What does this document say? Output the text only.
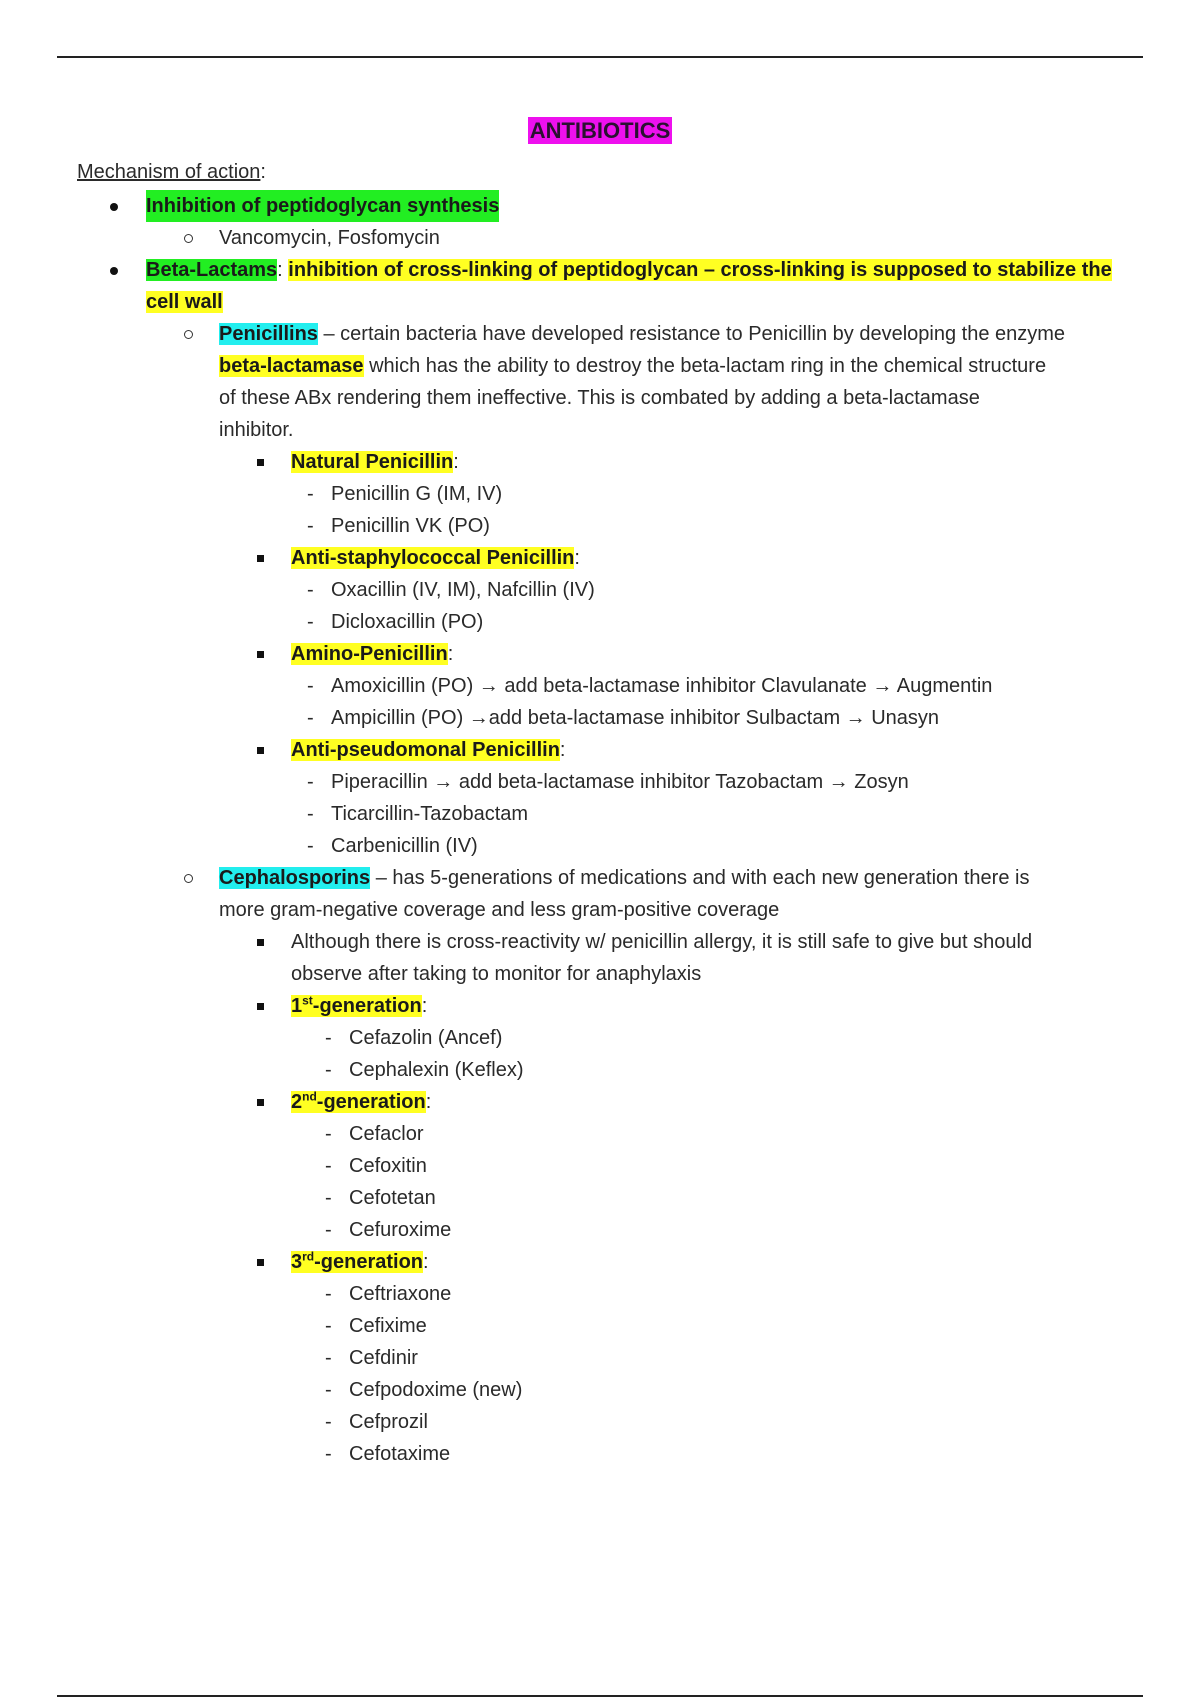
ANTIBIOTICS
Mechanism of action:
Inhibition of peptidoglycan synthesis
Vancomycin, Fosfomycin
Beta-Lactams: inhibition of cross-linking of peptidoglycan – cross-linking is supposed to stabilize the
cell wall
Penicillins – certain bacteria have developed resistance to Penicillin by developing the enzyme
beta-lactamase which has the ability to destroy the beta-lactam ring in the chemical structure
of these ABx rendering them ineffective. This is combated by adding a beta-lactamase
inhibitor.
Natural Penicillin:
- Penicillin G (IM, IV)
- Penicillin VK (PO)
Anti-staphylococcal Penicillin:
- Oxacillin (IV, IM), Nafcillin (IV)
- Dicloxacillin (PO)
Amino-Penicillin:
- Amoxicillin (PO) → add beta-lactamase inhibitor Clavulanate → Augmentin
- Ampicillin (PO) →add beta-lactamase inhibitor Sulbactam → Unasyn
Anti-pseudomonal Penicillin:
- Piperacillin → add beta-lactamase inhibitor Tazobactam → Zosyn
- Ticarcillin-Tazobactam
- Carbenicillin (IV)
Cephalosporins – has 5-generations of medications and with each new generation there is
more gram-negative coverage and less gram-positive coverage
Although there is cross-reactivity w/ penicillin allergy, it is still safe to give but should
observe after taking to monitor for anaphylaxis
1st-generation:
- Cefazolin (Ancef)
- Cephalexin (Keflex)
2nd-generation:
- Cefaclor
- Cefoxitin
- Cefotetan
- Cefuroxime
3rd-generation:
- Ceftriaxone
- Cefixime
- Cefdinir
- Cefpodoxime (new)
- Cefprozil
- Cefotaxime
